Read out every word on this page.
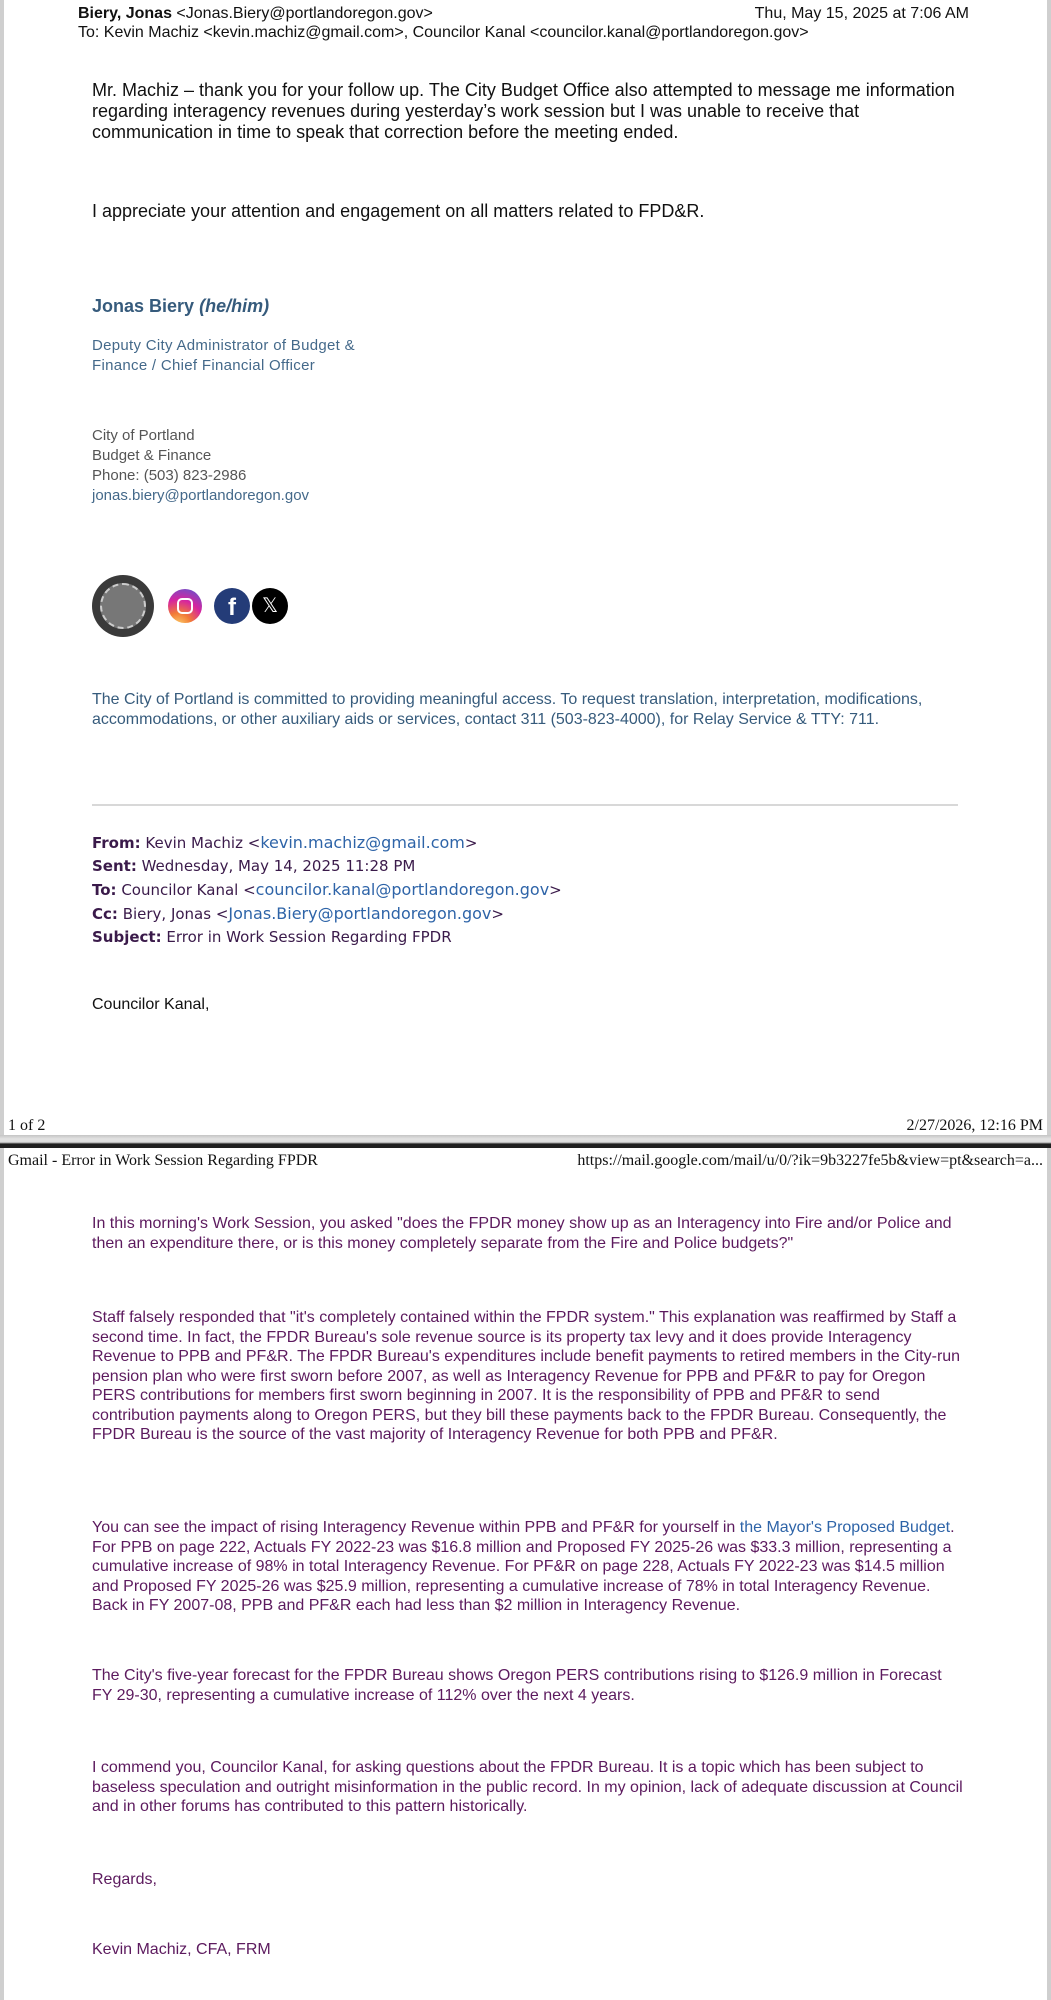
Biery, Jonas <Jonas.Biery@portlandoregon.gov>	Thu, May 15, 2025 at 7:06 AM
To: Kevin Machiz <kevin.machiz@gmail.com>, Councilor Kanal <councilor.kanal@portlandoregon.gov>
Mr. Machiz – thank you for your follow up. The City Budget Office also attempted to message me information regarding interagency revenues during yesterday’s work session but I was unable to receive that communication in time to speak that correction before the meeting ended.
I appreciate your attention and engagement on all matters related to FPD&R.
Jonas Biery (he/him)
Deputy City Administrator of Budget &
Finance / Chief Financial Officer
City of Portland
Budget & Finance
Phone: (503) 823-2986
jonas.biery@portlandoregon.gov
f	𝕏
The City of Portland is committed to providing meaningful access. To request translation, interpretation, modifications, accommodations, or other auxiliary aids or services, contact 311 (503-823-4000), for Relay Service & TTY: 711.
From: Kevin Machiz <kevin.machiz@gmail.com>
Sent: Wednesday, May 14, 2025 11:28 PM
To: Councilor Kanal <councilor.kanal@portlandoregon.gov>
Cc: Biery, Jonas <Jonas.Biery@portlandoregon.gov>
Subject: Error in Work Session Regarding FPDR
Councilor Kanal,
1 of 2	2/27/2026, 12:16 PM
Gmail - Error in Work Session Regarding FPDR	https://mail.google.com/mail/u/0/?ik=9b3227fe5b&view=pt&search=a...
In this morning's Work Session, you asked "does the FPDR money show up as an Interagency into Fire and/or Police and then an expenditure there, or is this money completely separate from the Fire and Police budgets?"
Staff falsely responded that "it's completely contained within the FPDR system." This explanation was reaffirmed by Staff a second time. In fact, the FPDR Bureau's sole revenue source is its property tax levy and it does provide Interagency Revenue to PPB and PF&R. The FPDR Bureau's expenditures include benefit payments to retired members in the City-run pension plan who were first sworn before 2007, as well as Interagency Revenue for PPB and PF&R to pay for Oregon PERS contributions for members first sworn beginning in 2007. It is the responsibility of PPB and PF&R to send contribution payments along to Oregon PERS, but they bill these payments back to the FPDR Bureau. Consequently, the FPDR Bureau is the source of the vast majority of Interagency Revenue for both PPB and PF&R.
You can see the impact of rising Interagency Revenue within PPB and PF&R for yourself in the Mayor's Proposed Budget. For PPB on page 222, Actuals FY 2022-23 was $16.8 million and Proposed FY 2025-26 was $33.3 million, representing a cumulative increase of 98% in total Interagency Revenue. For PF&R on page 228, Actuals FY 2022-23 was $14.5 million and Proposed FY 2025-26 was $25.9 million, representing a cumulative increase of 78% in total Interagency Revenue. Back in FY 2007-08, PPB and PF&R each had less than $2 million in Interagency Revenue.
The City's five-year forecast for the FPDR Bureau shows Oregon PERS contributions rising to $126.9 million in Forecast FY 29-30, representing a cumulative increase of 112% over the next 4 years.
I commend you, Councilor Kanal, for asking questions about the FPDR Bureau. It is a topic which has been subject to baseless speculation and outright misinformation in the public record. In my opinion, lack of adequate discussion at Council and in other forums has contributed to this pattern historically.
Regards,
Kevin Machiz, CFA, FRM
